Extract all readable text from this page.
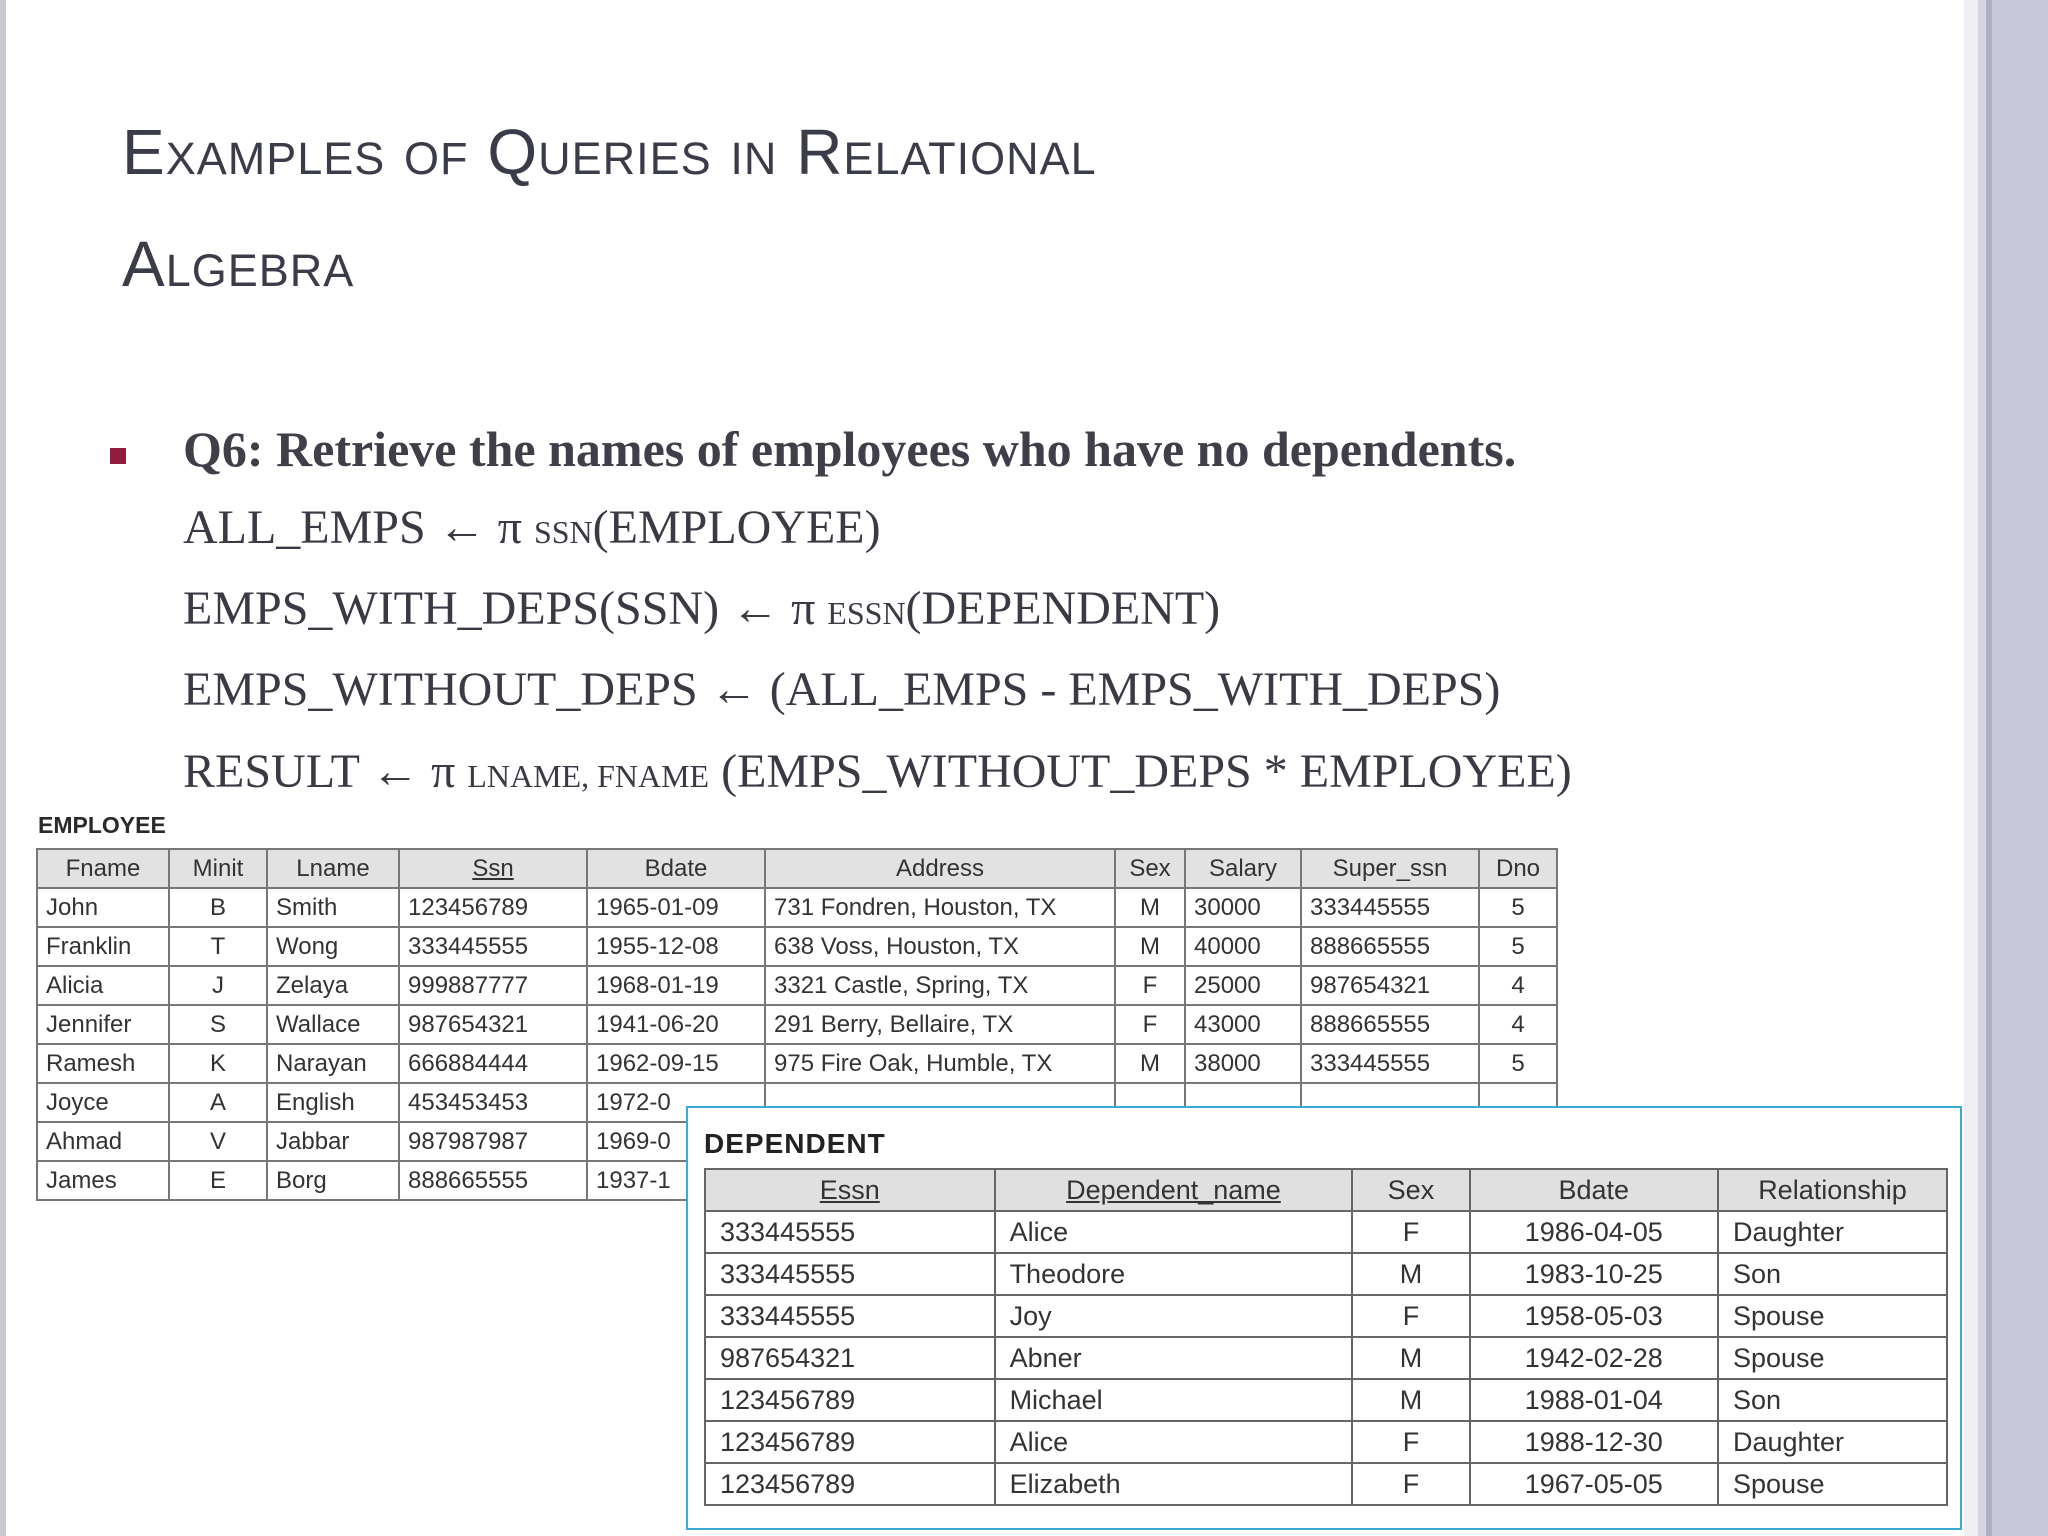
Examples of Queries in Relational
Algebra
Q6: Retrieve the names of employees who have no dependents.
ALL_EMPS ← π SSN(EMPLOYEE)
EMPS_WITH_DEPS(SSN) ← π ESSN(DEPENDENT)
EMPS_WITHOUT_DEPS ← (ALL_EMPS - EMPS_WITH_DEPS)
RESULT ← π LNAME, FNAME (EMPS_WITHOUT_DEPS * EMPLOYEE)
EMPLOYEE
Fname	Minit	Lname	Ssn	Bdate	Address	Sex	Salary	Super_ssn	Dno
John	B	Smith	123456789	1965-01-09	731 Fondren, Houston, TX	M	30000	333445555	5
Franklin	T	Wong	333445555	1955-12-08	638 Voss, Houston, TX	M	40000	888665555	5
Alicia	J	Zelaya	999887777	1968-01-19	3321 Castle, Spring, TX	F	25000	987654321	4
Jennifer	S	Wallace	987654321	1941-06-20	291 Berry, Bellaire, TX	F	43000	888665555	4
Ramesh	K	Narayan	666884444	1962-09-15	975 Fire Oak, Humble, TX	M	38000	333445555	5
Joyce	A	English	453453453	1972-0					
Ahmad	V	Jabbar	987987987	1969-0					
James	E	Borg	888665555	1937-1					
DEPENDENT
Essn	Dependent_name	Sex	Bdate	Relationship
333445555	Alice	F	1986-04-05	Daughter
333445555	Theodore	M	1983-10-25	Son
333445555	Joy	F	1958-05-03	Spouse
987654321	Abner	M	1942-02-28	Spouse
123456789	Michael	M	1988-01-04	Son
123456789	Alice	F	1988-12-30	Daughter
123456789	Elizabeth	F	1967-05-05	Spouse
